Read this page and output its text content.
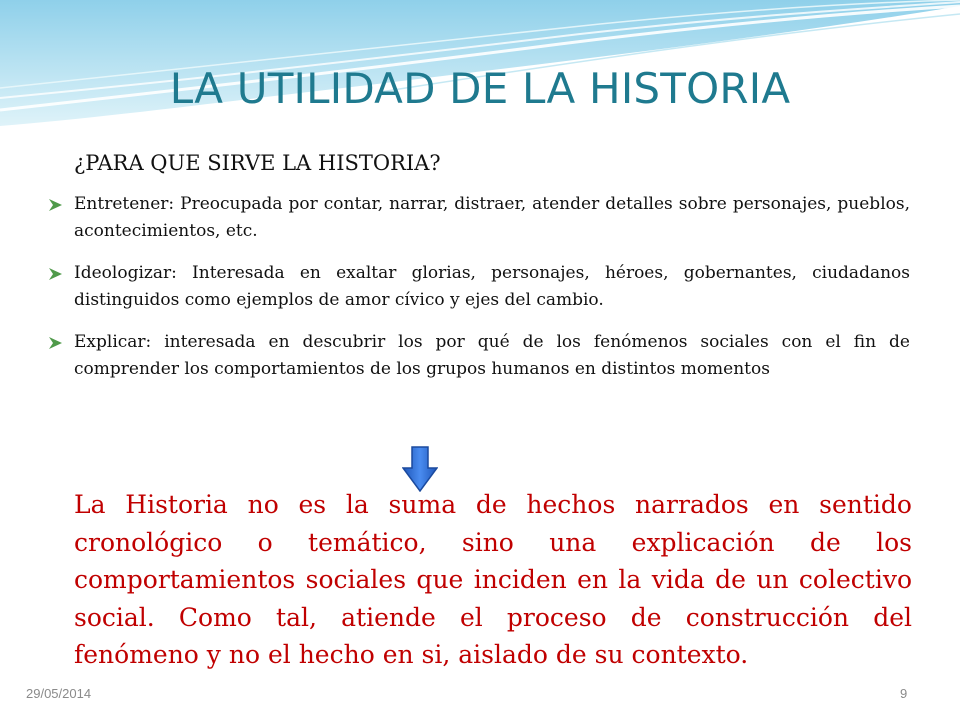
LA UTILIDAD DE LA HISTORIA
¿PARA QUE SIRVE LA HISTORIA?
Entretener: Preocupada por contar, narrar, distraer, atender detalles sobre personajes, pueblos, acontecimientos, etc.
Ideologizar: Interesada en exaltar glorias, personajes, héroes, gobernantes, ciudadanos distinguidos como ejemplos de amor cívico y ejes del cambio.
Explicar: interesada en descubrir los por qué de los fenómenos sociales con el fin de comprender los comportamientos de los grupos humanos en distintos momentos
La Historia no es la suma de hechos narrados en sentido cronológico o temático, sino una explicación de los comportamientos sociales que inciden en la vida de un colectivo social. Como tal, atiende el proceso de construcción del fenómeno y no el hecho en si, aislado de su contexto.
29/05/2014	9
